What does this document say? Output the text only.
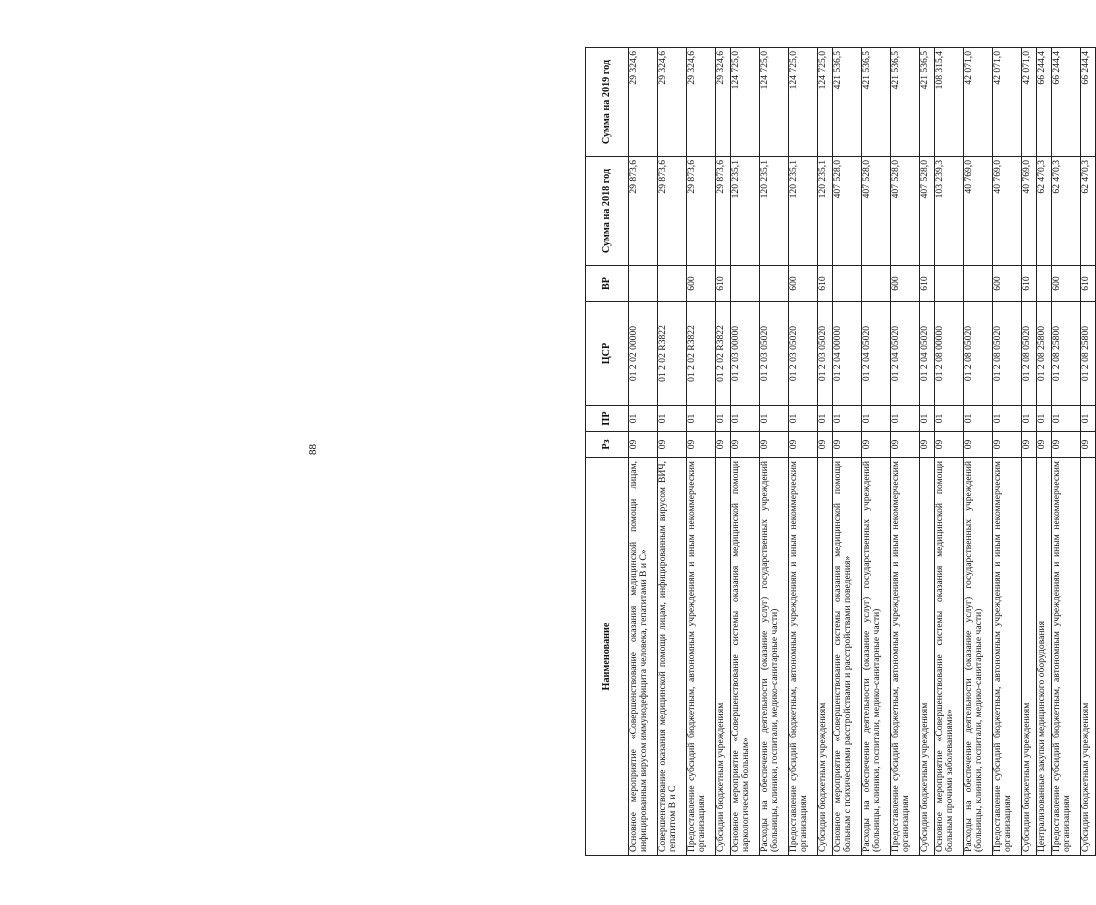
88
Наименование	Рз	ПР	ЦСР	ВР	Сумма на 2018 год	Сумма на 2019 год
Основное мероприятие «Совершенствование оказания медицинской помощи лицам, инфицированным вирусом иммунодефицита человека, гепатитами В и С»	09	01	01 2 02 00000		29 873,6	29 324,6
Совершенствование оказания медицинской помощи лицам, инфицированным вирусом ВИЧ, гепатитом В и С	09	01	01 2 02 R3822		29 873,6	29 324,6
Предоставление субсидий бюджетным, автономным учреждениям и иным некоммерческим организациям	09	01	01 2 02 R3822	600	29 873,6	29 324,6
Субсидии бюджетным учреждениям	09	01	01 2 02 R3822	610	29 873,6	29 324,6
Основное мероприятие «Совершенствование системы оказания медицинской помощи наркологическим больным»	09	01	01 2 03 00000		120 235,1	124 725,0
Расходы на обеспечение деятельности (оказание услуг) государственных учреждений (больницы, клиники, госпитали, медико-санитарные части)	09	01	01 2 03 05020		120 235,1	124 725,0
Предоставление субсидий бюджетным, автономным учреждениям и иным некоммерческим организациям	09	01	01 2 03 05020	600	120 235,1	124 725,0
Субсидии бюджетным учреждениям	09	01	01 2 03 05020	610	120 235,1	124 725,0
Основное мероприятие «Совершенствование системы оказания медицинской помощи больным с психическими расстройствами и расстройствами поведения»	09	01	01 2 04 00000		407 528,0	421 536,5
Расходы на обеспечение деятельности (оказание услуг) государственных учреждений (больницы, клиники, госпитали, медико-санитарные части)	09	01	01 2 04 05020		407 528,0	421 536,5
Предоставление субсидий бюджетным, автономным учреждениям и иным некоммерческим организациям	09	01	01 2 04 05020	600	407 528,0	421 536,5
Субсидии бюджетным учреждениям	09	01	01 2 04 05020	610	407 528,0	421 536,5
Основное мероприятие «Совершенствование системы оказания медицинской помощи больным прочими заболеваниями»	09	01	01 2 08 00000		103 239,3	108 315,4
Расходы на обеспечение деятельности (оказание услуг) государственных учреждений (больницы, клиники, госпитали, медико-санитарные части)	09	01	01 2 08 05020		40 769,0	42 071,0
Предоставление субсидий бюджетным, автономным учреждениям и иным некоммерческим организациям	09	01	01 2 08 05020	600	40 769,0	42 071,0
Субсидии бюджетным учреждениям	09	01	01 2 08 05020	610	40 769,0	42 071,0
Централизованные закупки медицинского оборудования	09	01	01 2 08 25800		62 470,3	66 244,4
Предоставление субсидий бюджетным, автономным учреждениям и иным некоммерческим организациям	09	01	01 2 08 25800	600	62 470,3	66 244,4
Субсидии бюджетным учреждениям	09	01	01 2 08 25800	610	62 470,3	66 244,4
